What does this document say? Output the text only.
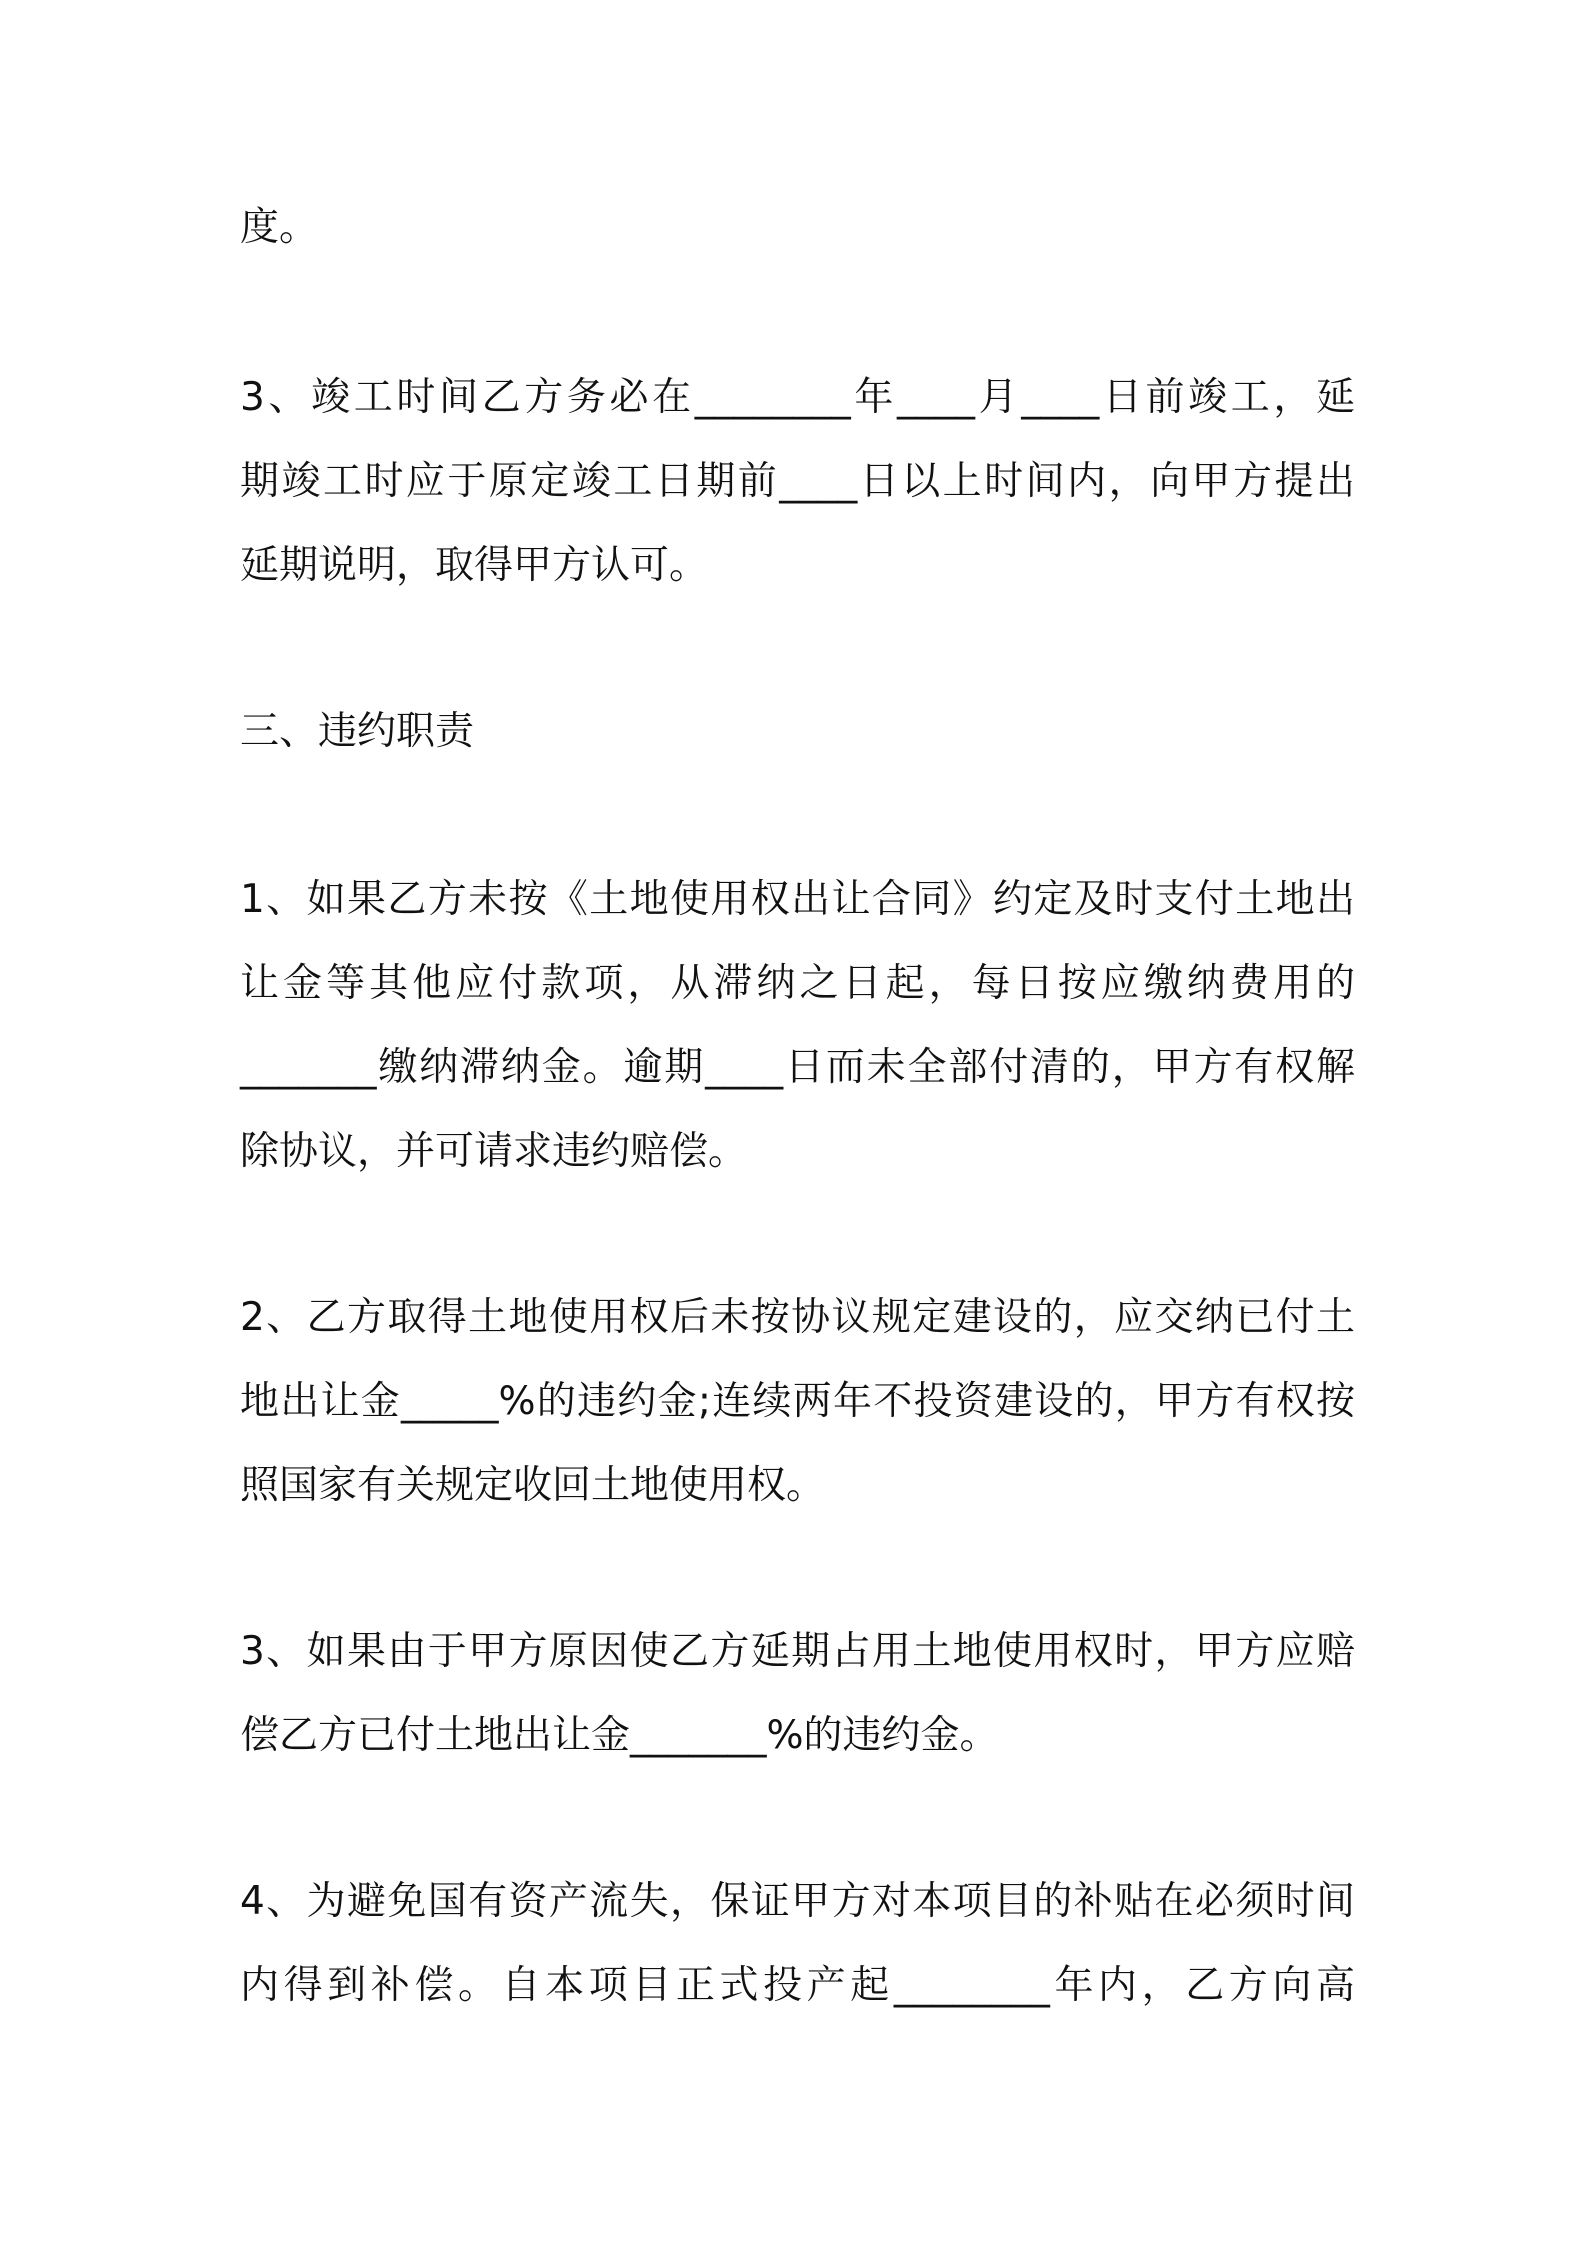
度。
3、竣工时间乙方务必在________年____月____日前竣工，延
期竣工时应于原定竣工日期前____日以上时间内，向甲方提出
延期说明，取得甲方认可。
三、违约职责
1、如果乙方未按《土地使用权出让合同》约定及时支付土地出
让金等其他应付款项，从滞纳之日起，每日按应缴纳费用的
_______缴纳滞纳金。逾期____日而未全部付清的，甲方有权解
除协议，并可请求违约赔偿。
2、乙方取得土地使用权后未按协议规定建设的，应交纳已付土
地出让金_____%的违约金;连续两年不投资建设的，甲方有权按
照国家有关规定收回土地使用权。
3、如果由于甲方原因使乙方延期占用土地使用权时，甲方应赔
偿乙方已付土地出让金_______%的违约金。
4、为避免国有资产流失，保证甲方对本项目的补贴在必须时间
内得到补偿。自本项目正式投产起________年内，乙方向高
